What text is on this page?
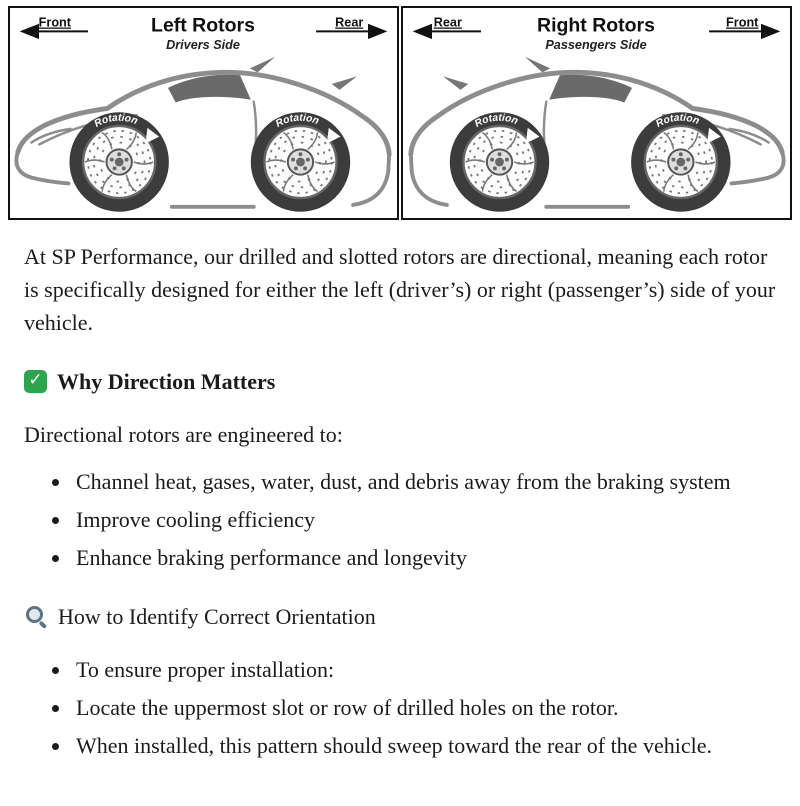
Left Rotors
Drivers Side
Front	Rear	Right Rotors
Passengers Side
Rear	Front

At SP Performance, our drilled and slotted rotors are directional, meaning each rotor is specifically designed for either the left (driver’s) or right (passenger’s) side of your vehicle.

✓
Why Direction Matters

Directional rotors are engineered to:

• Channel heat, gases, water, dust, and debris away from the braking system
• Improve cooling efficiency
• Enhance braking performance and longevity
How to Identify Correct Orientation
• To ensure proper installation:
• Locate the uppermost slot or row of drilled holes on the rotor.
• When installed, this pattern should sweep toward the rear of the vehicle.
